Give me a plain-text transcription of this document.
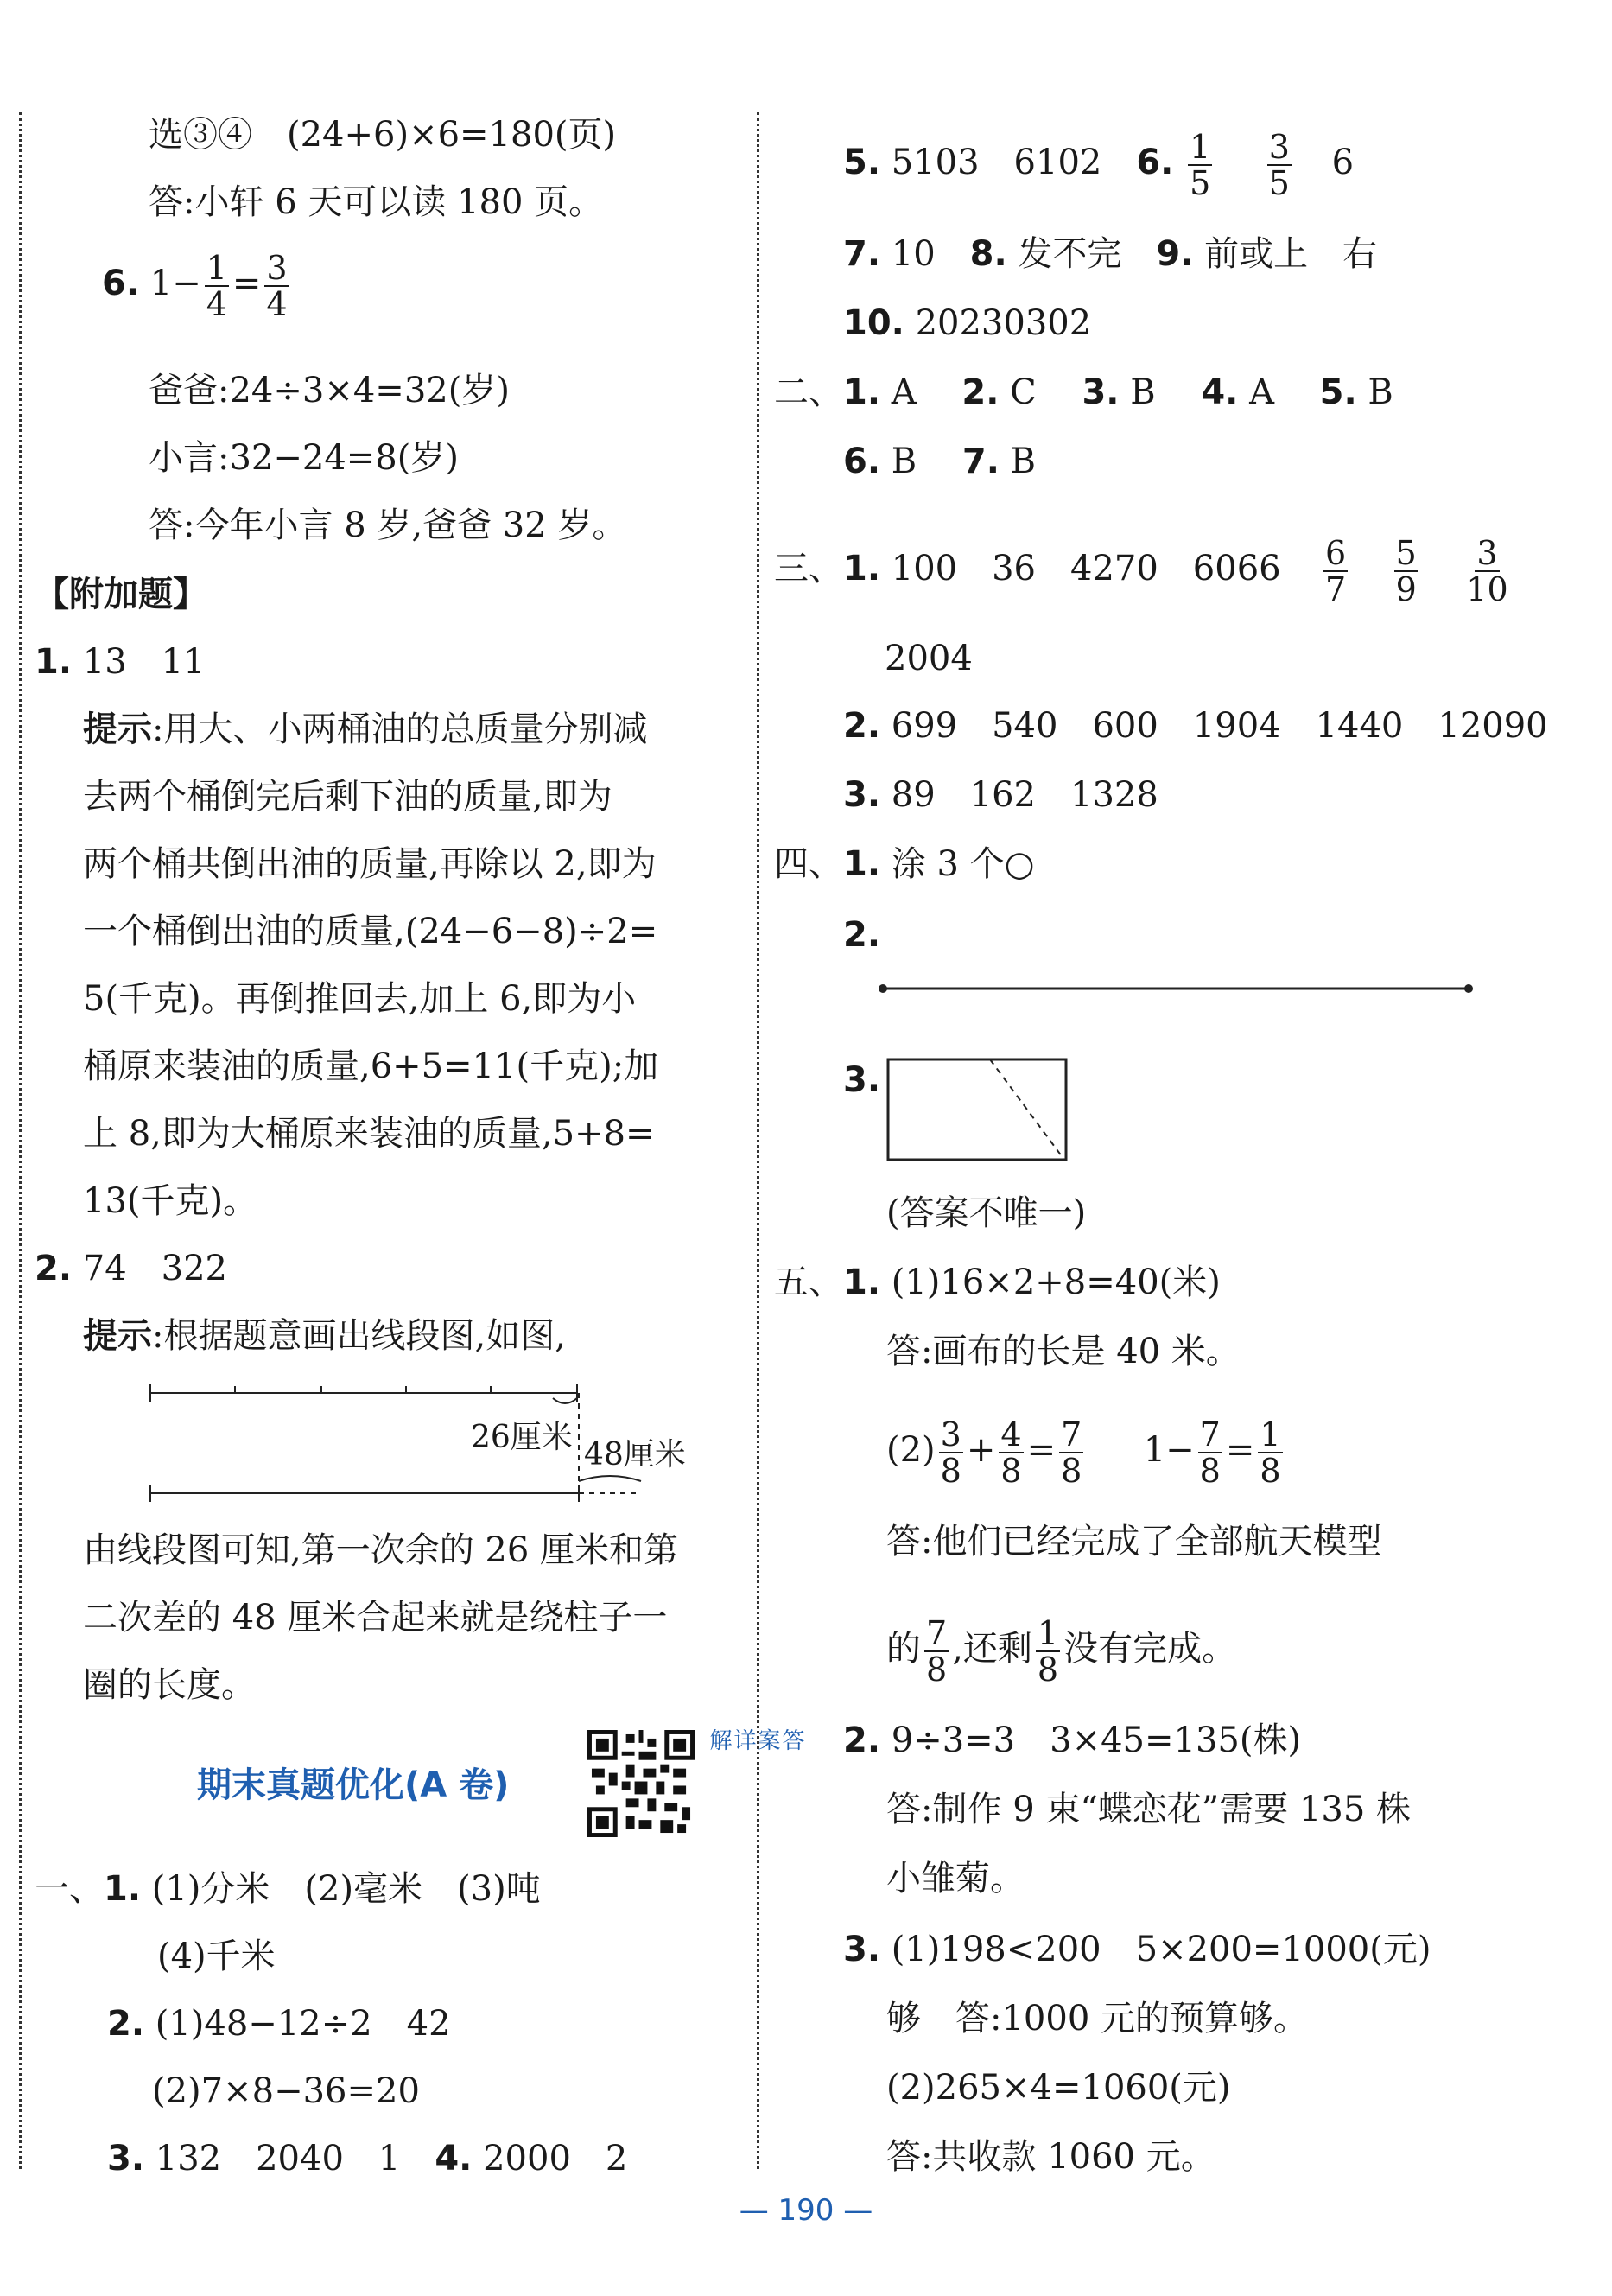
选③④　(24+6)×6=180(页)
答:小轩 6 天可以读 180 页。
6. $1- \frac{1}{4} = \frac{3}{4}$
爸爸:24÷3×4=32(岁)
小言:32−24=8(岁)
答:今年小言 8 岁,爸爸 32 岁。
【附加题】
1. 13　11
提示:用大、小两桶油的总质量分别减
去两个桶倒完后剩下油的质量,即为
两个桶共倒出油的质量,再除以 2,即为
一个桶倒出油的质量,(24−6−8)÷2=
5(千克)。再倒推回去,加上 6,即为小
桶原来装油的质量,6+5=11(千克);加
上 8,即为大桶原来装油的质量,5+8=
13(千克)。
2. 74　322
提示:根据题意画出线段图,如图,
26厘米 48厘米
由线段图可知,第一次余的 26 厘米和第
二次差的 48 厘米合起来就是绕柱子一
圈的长度。
期末真题优化(A 卷)
答案详解
一、1. (1)分米　(2)毫米　(3)吨
(4)千米
2. (1)48−12÷2　42
(2)7×8−36=20
3. 132　2040　1　4. 2000　2
5. 5103　6102　6. $\frac{1}{5}$
$\frac{3}{5} 6$
7. 10　8. 发不完　9. 前或上　右
10. 20230302
二、1. A　 2. C　 3. B　 4. A　 5. B
6. B　 7. B
三、1. 100　36　4270　$6066 \frac{6}{7}$
$\frac{5}{9}$
$\frac{3}{10}$
2004
2. 699　540　600　1904　1440　12090
3. 89　162　1328
四、1. 涂 3 个○
2.
3.
(答案不唯一)
五、1. (1)16×2+8=40(米)
答:画布的长是 40 米。
$(2) \frac{3}{8} + \frac{4}{8} = \frac{7}{8} 1- \frac{7}{8} = \frac{1}{8}$
答:他们已经完成了全部航天模型
的 $\frac{7}{8}$ ,还剩 $\frac{1}{8}$ 没有完成。
2. 9÷3=3　3×45=135(株)
答:制作 9 束“蝶恋花”需要 135 株
小雏菊。
3. (1)198<200　5×200=1000(元)
够　答:1000 元的预算够。
(2)265×4=1060(元)
答:共收款 1060 元。
— 190 —
